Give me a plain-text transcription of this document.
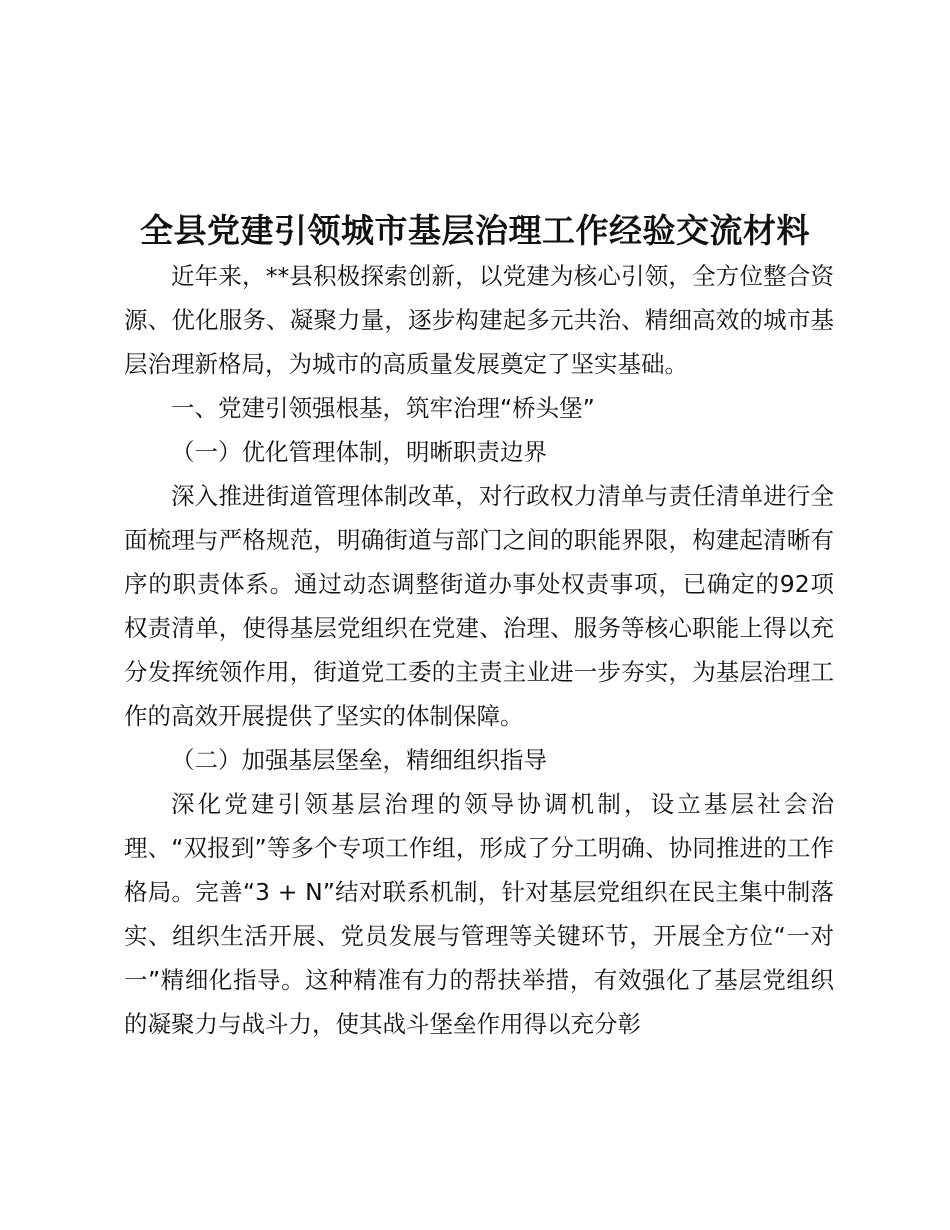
全县党建引领城市基层治理工作经验交流材料

近年来，**县积极探索创新，以党建为核心引领，全方位整合资源、优化服务、凝聚力量，逐步构建起多元共治、精细高效的城市基层治理新格局，为城市的高质量发展奠定了坚实基础。

一、党建引领强根基，筑牢治理“桥头堡”

（一）优化管理体制，明晰职责边界

深入推进街道管理体制改革，对行政权力清单与责任清单进行全面梳理与严格规范，明确街道与部门之间的职能界限，构建起清晰有序的职责体系。通过动态调整街道办事处权责事项，已确定的92项权责清单，使得基层党组织在党建、治理、服务等核心职能上得以充分发挥统领作用，街道党工委的主责主业进一步夯实，为基层治理工作的高效开展提供了坚实的体制保障。

（二）加强基层堡垒，精细组织指导

深化党建引领基层治理的领导协调机制，设立基层社会治理、“双报到”等多个专项工作组，形成了分工明确、协同推进的工作格局。完善“3 + N”结对联系机制，针对基层党组织在民主集中制落实、组织生活开展、党员发展与管理等关键环节，开展全方位“一对一”精细化指导。这种精准有力的帮扶举措，有效强化了基层党组织的凝聚力与战斗力，使其战斗堡垒作用得以充分彰
